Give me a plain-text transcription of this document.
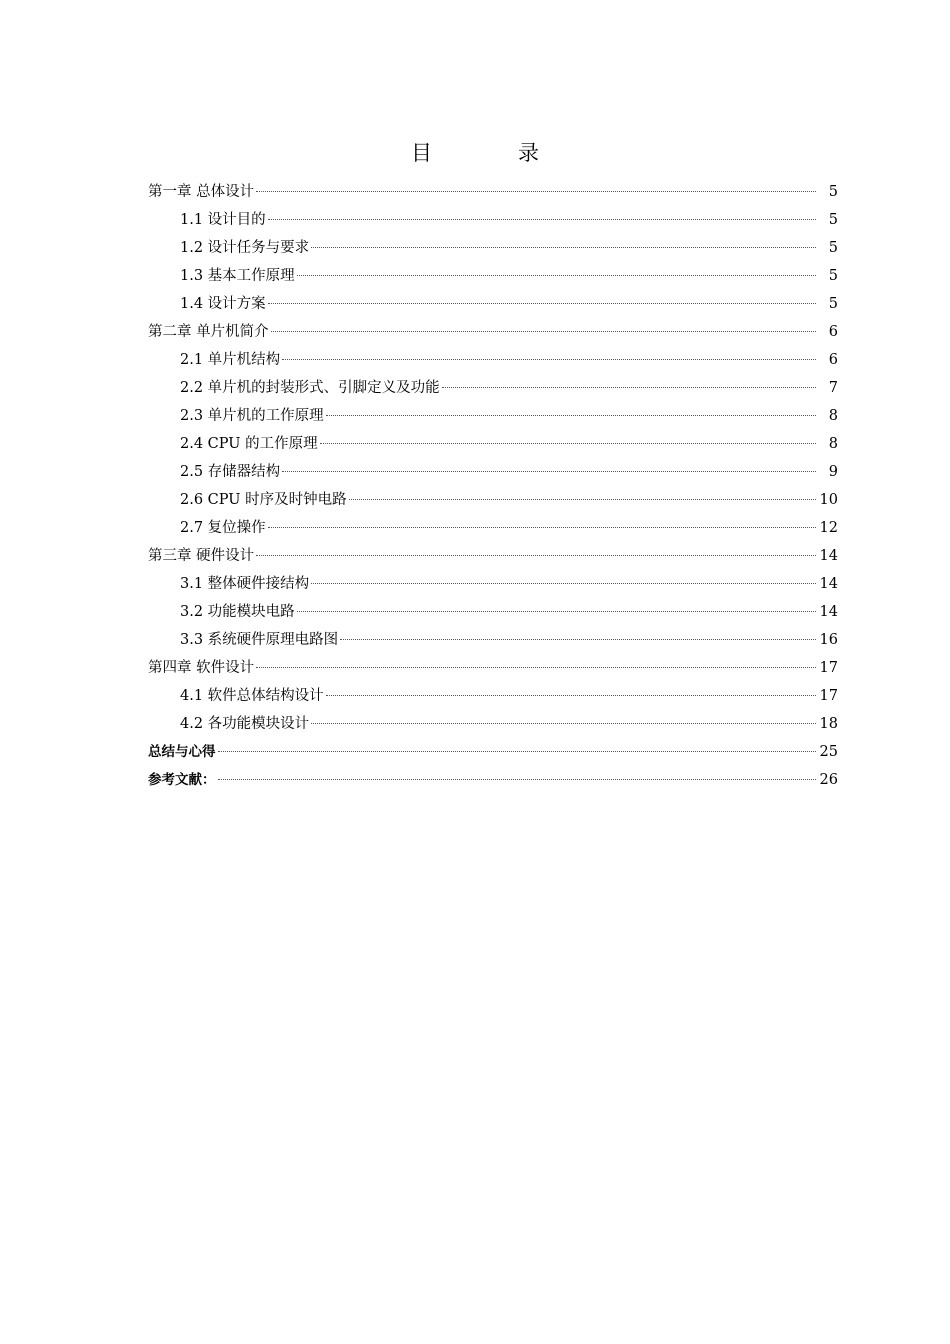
目录
第一章 总体设计	5
1.1 设计目的	5
1.2 设计任务与要求	5
1.3 基本工作原理	5
1.4 设计方案	5
第二章 单片机简介	6
2.1 单片机结构	6
2.2 单片机的封装形式、引脚定义及功能	7
2.3 单片机的工作原理	8
2.4 CPU 的工作原理	8
2.5 存储器结构	9
2.6 CPU 时序及时钟电路	10
2.7 复位操作	12
第三章 硬件设计	14
3.1 整体硬件接结构	14
3.2 功能模块电路	14
3.3 系统硬件原理电路图	16
第四章 软件设计	17
4.1 软件总体结构设计	17
4.2 各功能模块设计	18
总结与心得	25
参考文献：	26
